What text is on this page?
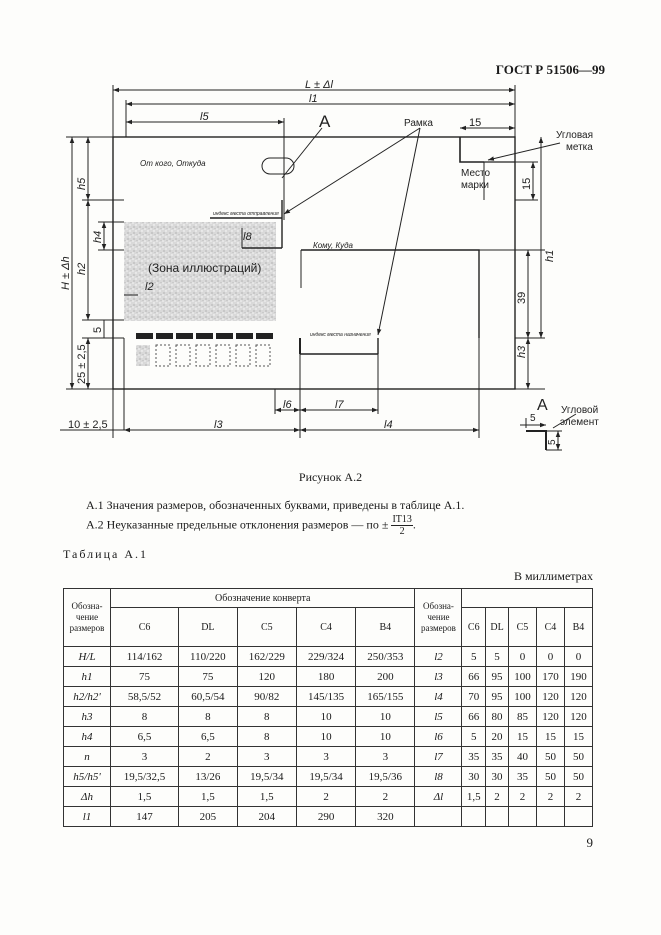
ГОСТ Р 51506—99
L ± Δl
l1
l5
l8
l2
l3	l4
l6	l7
15
10 ± 2,5
H ± Δh
h5
h2
h4
5
25 ± 2,5
h1
h3
15
39
А	Рамка
Угловая
метка
Место
марки
(Зона иллюстраций)
От кого, Откуда
Кому, Куда
индекс места отправления
индекс места назначения
А Угловой
элемент
5
5
Рисунок А.2
А.1 Значения размеров, обозначенных буквами, приведены в таблице А.1.
А.2 Неуказанные предельные отклонения размеров — по ± $\frac{IT13}{2}$ .
Таблица А.1
В миллиметрах
Обозна-
чение
размеров	Обозначение конверта					Обозна-
чение
размеров					
	C6	DL	C5	C4	B4		C6	DL	C5	C4	B4
H/L	114/162	110/220	162/229	229/324	250/353	l2	5	5	0	0	0
h1	75	75	120	180	200	l3	66	95	100	170	190
h2/h2'	58,5/52	60,5/54	90/82	145/135	165/155	l4	70	95	100	120	120
h3	8	8	8	10	10	l5	66	80	85	120	120
h4	6,5	6,5	8	10	10	l6	5	20	15	15	15
n	3	2	3	3	3	l7	35	35	40	50	50
h5/h5'	19,5/32,5	13/26	19,5/34	19,5/34	19,5/36	l8	30	30	35	50	50
Δh	1,5	1,5	1,5	2	2	Δl	1,5	2	2	2	2
l1	147	205	204	290	320						
9
